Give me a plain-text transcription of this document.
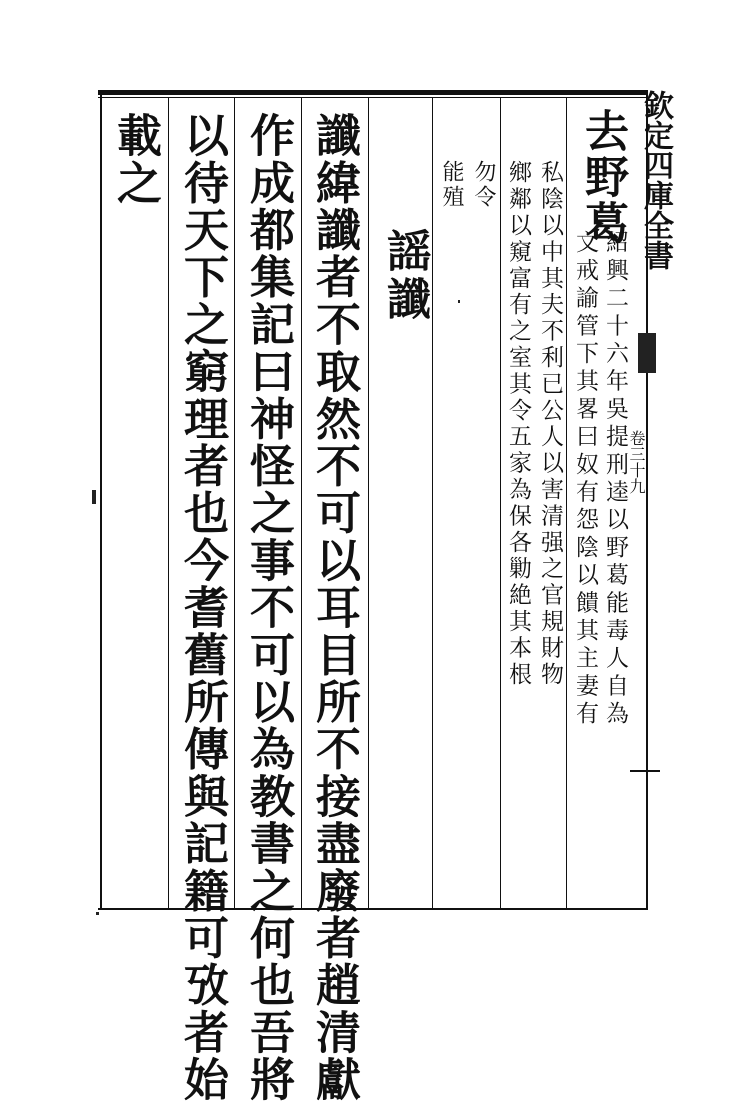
欽定四庫全書
卷三十九
去野葛
紹興二十六年吳提刑逵以野葛能毒人自為
文戒諭管下其畧曰奴有怨陰以饋其主妻有
私陰以中其夫不利已公人以害清强之官規財物
鄉鄰以窺富有之室其令五家為保各勦絶其本根
勿令
能殖
謡讖
讖緯讖者不取然不可以耳目所不接盡廢者趙清獻
作成都集記曰神怪之事不可以為教書之何也吾將
以待天下之窮理者也今耆舊所傳與記籍可攷者始
載之
